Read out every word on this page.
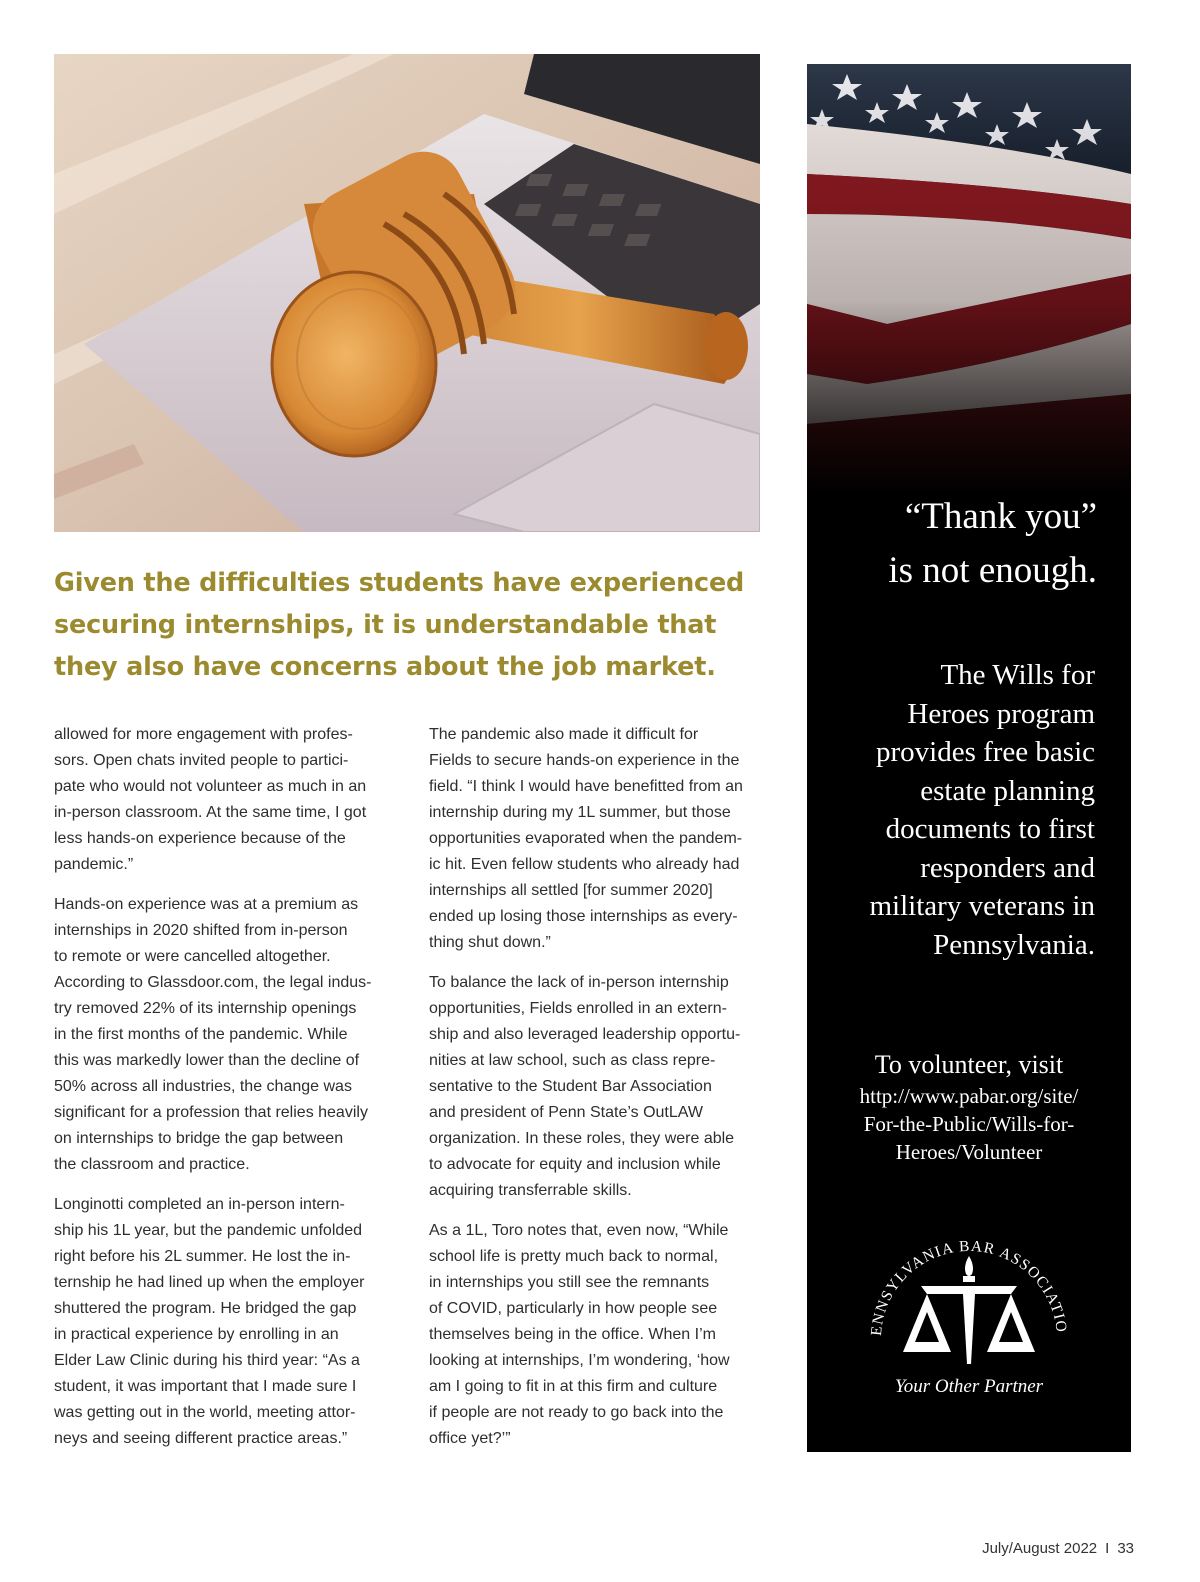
Given the difficulties students have experienced securing internships, it is understandable that they also have concerns about the job market.

allowed for more engagement with profes-
sors. Open chats invited people to partici-
pate who would not volunteer as much in an
in-person classroom. At the same time, I got
less hands-on experience because of the
pandemic.”

Hands-on experience was at a premium as
internships in 2020 shifted from in-person
to remote or were cancelled altogether.
According to Glassdoor.com, the legal indus-
try removed 22% of its internship openings
in the first months of the pandemic. While
this was markedly lower than the decline of
50% across all industries, the change was
significant for a profession that relies heavily
on internships to bridge the gap between
the classroom and practice.

Longinotti completed an in-person intern-
ship his 1L year, but the pandemic unfolded
right before his 2L summer. He lost the in-
ternship he had lined up when the employer
shuttered the program. He bridged the gap
in practical experience by enrolling in an
Elder Law Clinic during his third year: “As a
student, it was important that I made sure I
was getting out in the world, meeting attor-
neys and seeing different practice areas.”

The pandemic also made it difficult for
Fields to secure hands-on experience in the
field. “I think I would have benefitted from an
internship during my 1L summer, but those
opportunities evaporated when the pandem-
ic hit. Even fellow students who already had
internships all settled [for summer 2020]
ended up losing those internships as every-
thing shut down.”

To balance the lack of in-person internship
opportunities, Fields enrolled in an extern-
ship and also leveraged leadership opportu-
nities at law school, such as class repre-
sentative to the Student Bar Association
and president of Penn State’s OutLAW
organization. In these roles, they were able
to advocate for equity and inclusion while
acquiring transferrable skills.

As a 1L, Toro notes that, even now, “While
school life is pretty much back to normal,
in internships you still see the remnants
of COVID, particularly in how people see
themselves being in the office. When I’m
looking at internships, I’m wondering, ‘how
am I going to fit in at this firm and culture
if people are not ready to go back into the
office yet?’”

“Thank you”
is not enough.
The Wills for
Heroes program
provides free basic
estate planning
documents to first
responders and
military veterans in
Pennsylvania.
To volunteer, visit
http://www.pabar.org/site/
For-the-Public/Wills-for-
Heroes/Volunteer
ENNSYLVANIA BAR ASSOCIATIO
Your Other Partner
July/August 2022 I 33
